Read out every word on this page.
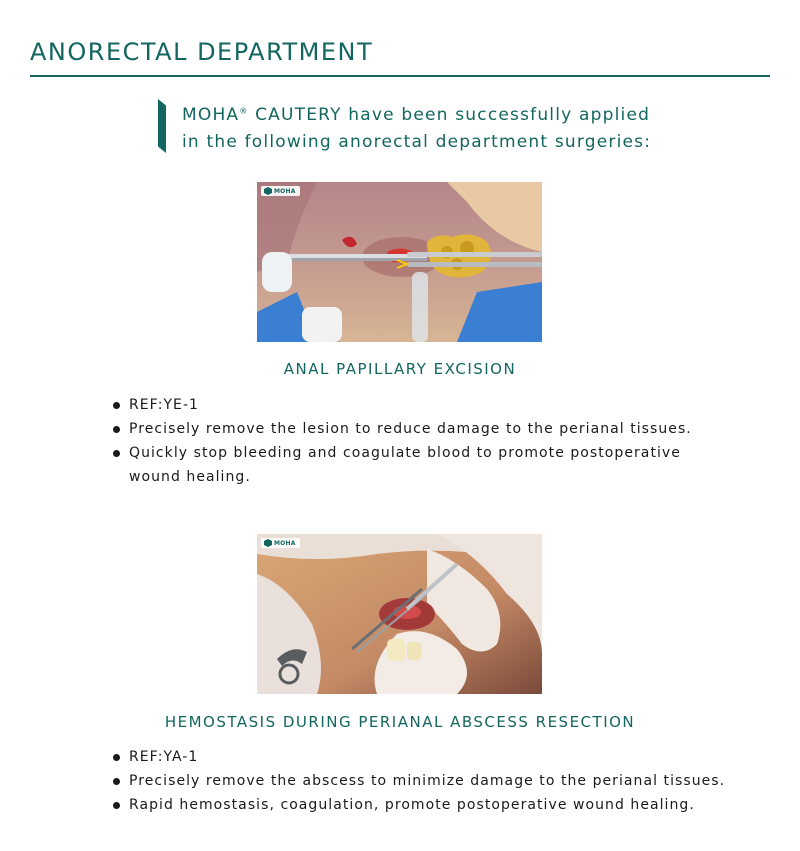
ANORECTAL DEPARTMENT
MOHA® CAUTERY have been successfully applied
in the following anorectal department surgeries:
MOHA
ANAL PAPILLARY EXCISION
REF:YE-1
Precisely remove the lesion to reduce damage to the perianal tissues.
Quickly stop bleeding and coagulate blood to promote postoperative wound healing.
MOHA
HEMOSTASIS DURING PERIANAL ABSCESS RESECTION
REF:YA-1
Precisely remove the abscess to minimize damage to the perianal tissues.
Rapid hemostasis, coagulation, promote postoperative wound healing.
